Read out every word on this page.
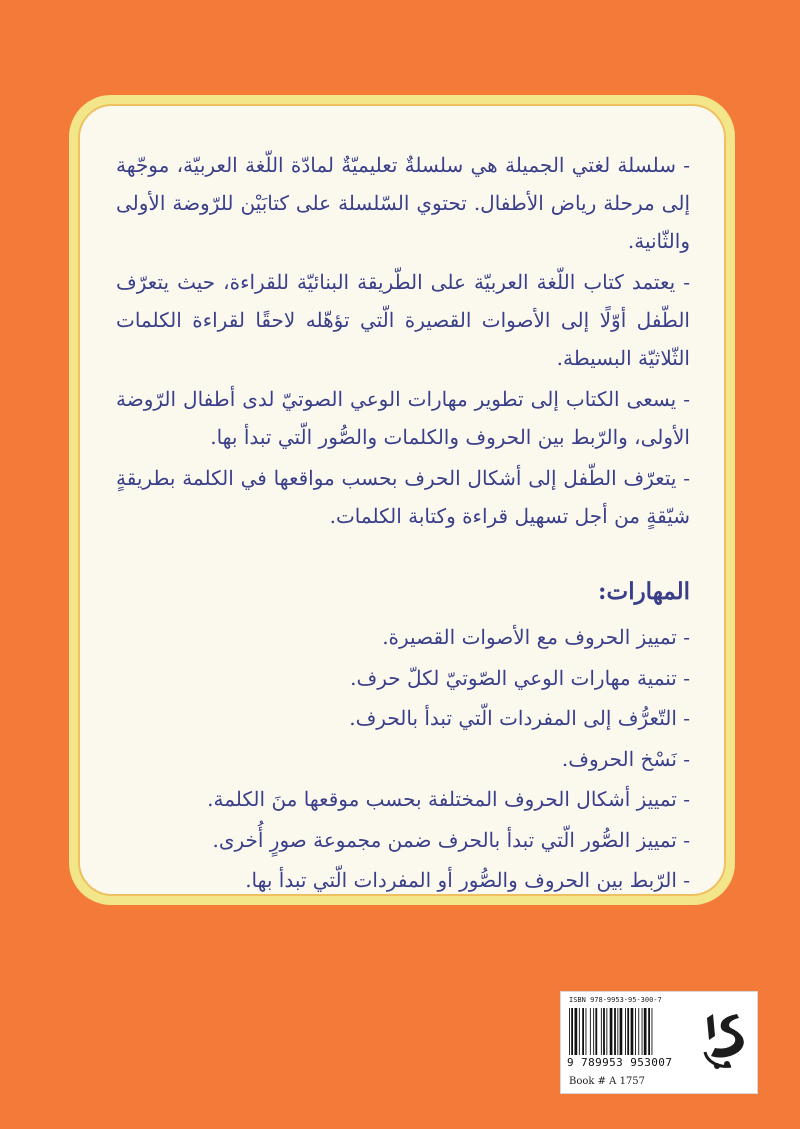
- سلسلة لغتي الجميلة هي سلسلةٌ تعليميّةٌ لمادّة اللّغة العربيّة، موجّهة إلى مرحلة رياض الأطفال. تحتوي السّلسلة على كتابَيْن للرّوضة الأولى والثّانية.

- يعتمد كتاب اللّغة العربيّة على الطّريقة البنائيّة للقراءة، حيث يتعرّف الطّفل أوّلًا إلى الأصوات القصيرة الّتي تؤهّله لاحقًا لقراءة الكلمات الثّلاثيّة البسيطة.

- يسعى الكتاب إلى تطوير مهارات الوعي الصوتيّ لدى أطفال الرّوضة الأولى، والرّبط بين الحروف والكلمات والصُّور الّتي تبدأ بها.

- يتعرّف الطّفل إلى أشكال الحرف بحسب مواقعها في الكلمة بطريقةٍ شيّقةٍ من أجل تسهيل قراءة وكتابة الكلمات.

المهارات:

- تمييز الحروف مع الأصوات القصيرة.

- تنمية مهارات الوعي الصّوتيّ لكلّ حرف.

- التّعرُّف إلى المفردات الّتي تبدأ بالحرف.

- نَسْخ الحروف.

- تمييز أشكال الحروف المختلفة بحسب موقعها منَ الكلمة.

- تمييز الصُّور الّتي تبدأ بالحرف ضمن مجموعة صورٍ أُخرى.

- الرّبط بين الحروف والصُّور أو المفردات الّتي تبدأ بها.

ISBN 978-9953-95-300-7
9 789953 953007
Book # A 1757
